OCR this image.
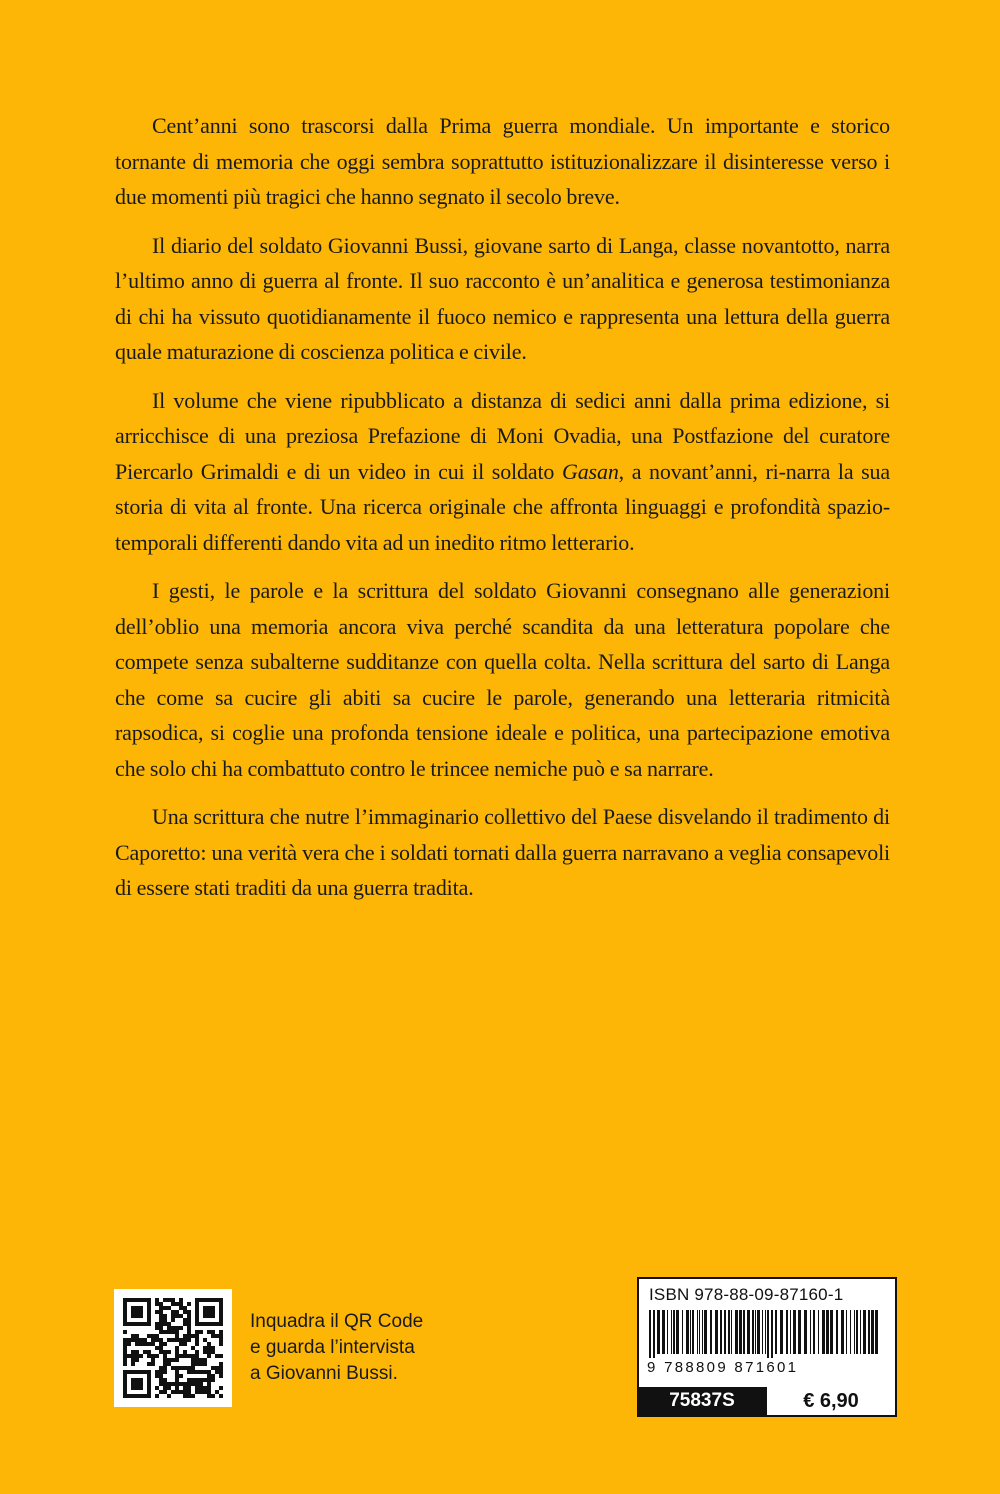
Cent’anni sono trascorsi dalla Prima guerra mondiale. Un importante e storico tornante di memoria che oggi sembra soprattutto istituzionalizzare il disinteresse verso i due momenti più tragici che hanno segnato il secolo breve.

Il diario del soldato Giovanni Bussi, giovane sarto di Langa, classe novantotto, narra l’ultimo anno di guerra al fronte. Il suo racconto è un’analitica e generosa testimonianza di chi ha vissuto quotidianamente il fuoco nemico e rappresenta una lettura della guerra quale maturazione di coscienza politica e civile.

Il volume che viene ripubblicato a distanza di sedici anni dalla prima edizione, si arricchisce di una preziosa Prefazione di Moni Ovadia, una Postfazione del curatore Piercarlo Grimaldi e di un video in cui il soldato Gasan, a novant’anni, ri-narra la sua storia di vita al fronte. Una ricerca originale che affronta linguaggi e profondità spazio-temporali differenti dando vita ad un inedito ritmo letterario.

I gesti, le parole e la scrittura del soldato Giovanni consegnano alle generazioni dell’oblio una memoria ancora viva perché scandita da una letteratura popolare che compete senza subalterne sudditanze con quella colta. Nella scrittura del sarto di Langa che come sa cucire gli abiti sa cucire le parole, generando una letteraria ritmicità rapsodica, si coglie una profonda tensione ideale e politica, una partecipazione emotiva che solo chi ha combattuto contro le trincee nemiche può e sa narrare.

Una scrittura che nutre l’immaginario collettivo del Paese disvelando il tradimento di Caporetto: una verità vera che i soldati tornati dalla guerra narravano a veglia consapevoli di essere stati traditi da una guerra tradita.

Inquadra il QR Code
e guarda l’intervista
a Giovanni Bussi.
ISBN 978-88-09-87160-1
9 788809 871601
75837S	€ 6,90
